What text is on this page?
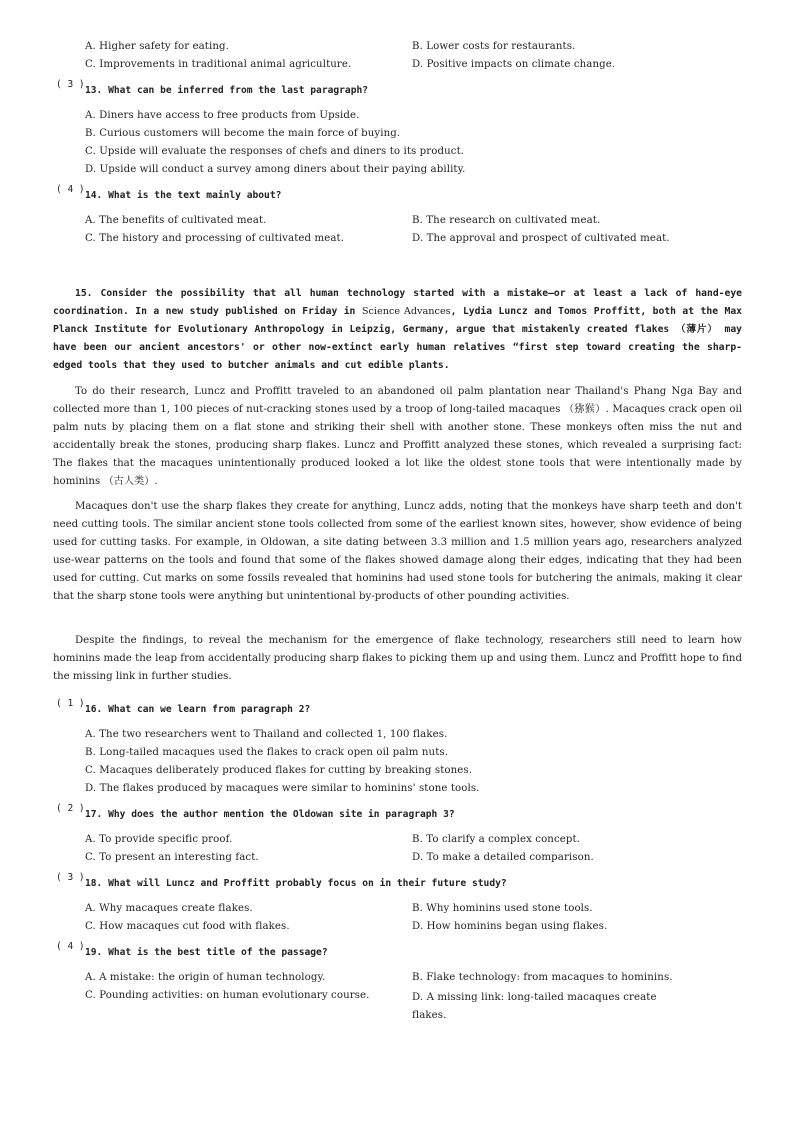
A. Higher safety for eating.	B. Lower costs for restaurants.
C. Improvements in traditional animal agriculture.	D. Positive impacts on climate change.
( 3 )
13. What can be inferred from the last paragraph?
A. Diners have access to free products from Upside.
B. Curious customers will become the main force of buying.
C. Upside will evaluate the responses of chefs and diners to its product.
D. Upside will conduct a survey among diners about their paying ability.
( 4 )
14. What is the text mainly about?
A. The benefits of cultivated meat.	B. The research on cultivated meat.
C. The history and processing of cultivated meat.	D. The approval and prospect of cultivated meat.
15. Consider the possibility that all human technology started with a mistake—or at least a lack of hand-eye coordination. In a new study published on Friday in Science Advances, Lydia Luncz and Tomos Proffitt, both at the Max Planck Institute for Evolutionary Anthropology in Leipzig, Germany, argue that mistakenly created flakes （薄片） may have been our ancient ancestors' or other now-extinct early human relatives “first step toward creating the sharp-edged tools that they used to butcher animals and cut edible plants.
To do their research, Luncz and Proffitt traveled to an abandoned oil palm plantation near Thailand's Phang Nga Bay and collected more than 1, 100 pieces of nut-cracking stones used by a troop of long-tailed macaques （猕猴）. Macaques crack open oil palm nuts by placing them on a flat stone and striking their shell with another stone. These monkeys often miss the nut and accidentally break the stones, producing sharp flakes. Luncz and Proffitt analyzed these stones, which revealed a surprising fact: The flakes that the macaques unintentionally produced looked a lot like the oldest stone tools that were intentionally made by hominins （古人类）.
Macaques don't use the sharp flakes they create for anything, Luncz adds, noting that the monkeys have sharp teeth and don't need cutting tools. The similar ancient stone tools collected from some of the earliest known sites, however, show evidence of being used for cutting tasks. For example, in Oldowan, a site dating between 3.3 million and 1.5 million years ago, researchers analyzed use-wear patterns on the tools and found that some of the flakes showed damage along their edges, indicating that they had been used for cutting. Cut marks on some fossils revealed that hominins had used stone tools for butchering the animals, making it clear that the sharp stone tools were anything but unintentional by-products of other pounding activities.
Despite the findings, to reveal the mechanism for the emergence of flake technology, researchers still need to learn how hominins made the leap from accidentally producing sharp flakes to picking them up and using them. Luncz and Proffitt hope to find the missing link in further studies.
( 1 )
16. What can we learn from paragraph 2?
A. The two researchers went to Thailand and collected 1, 100 flakes.
B. Long-tailed macaques used the flakes to crack open oil palm nuts.
C. Macaques deliberately produced flakes for cutting by breaking stones.
D. The flakes produced by macaques were similar to hominins' stone tools.
( 2 )
17. Why does the author mention the Oldowan site in paragraph 3?
A. To provide specific proof.	B. To clarify a complex concept.
C. To present an interesting fact.	D. To make a detailed comparison.
( 3 )
18. What will Luncz and Proffitt probably focus on in their future study?
A. Why macaques create flakes.	B. Why hominins used stone tools.
C. How macaques cut food with flakes.	D. How hominins began using flakes.
( 4 )
19. What is the best title of the passage?
A. A mistake: the origin of human technology.	B. Flake technology: from macaques to hominins.
C. Pounding activities: on human evolutionary course.	D. A missing link: long-tailed macaques create flakes.
